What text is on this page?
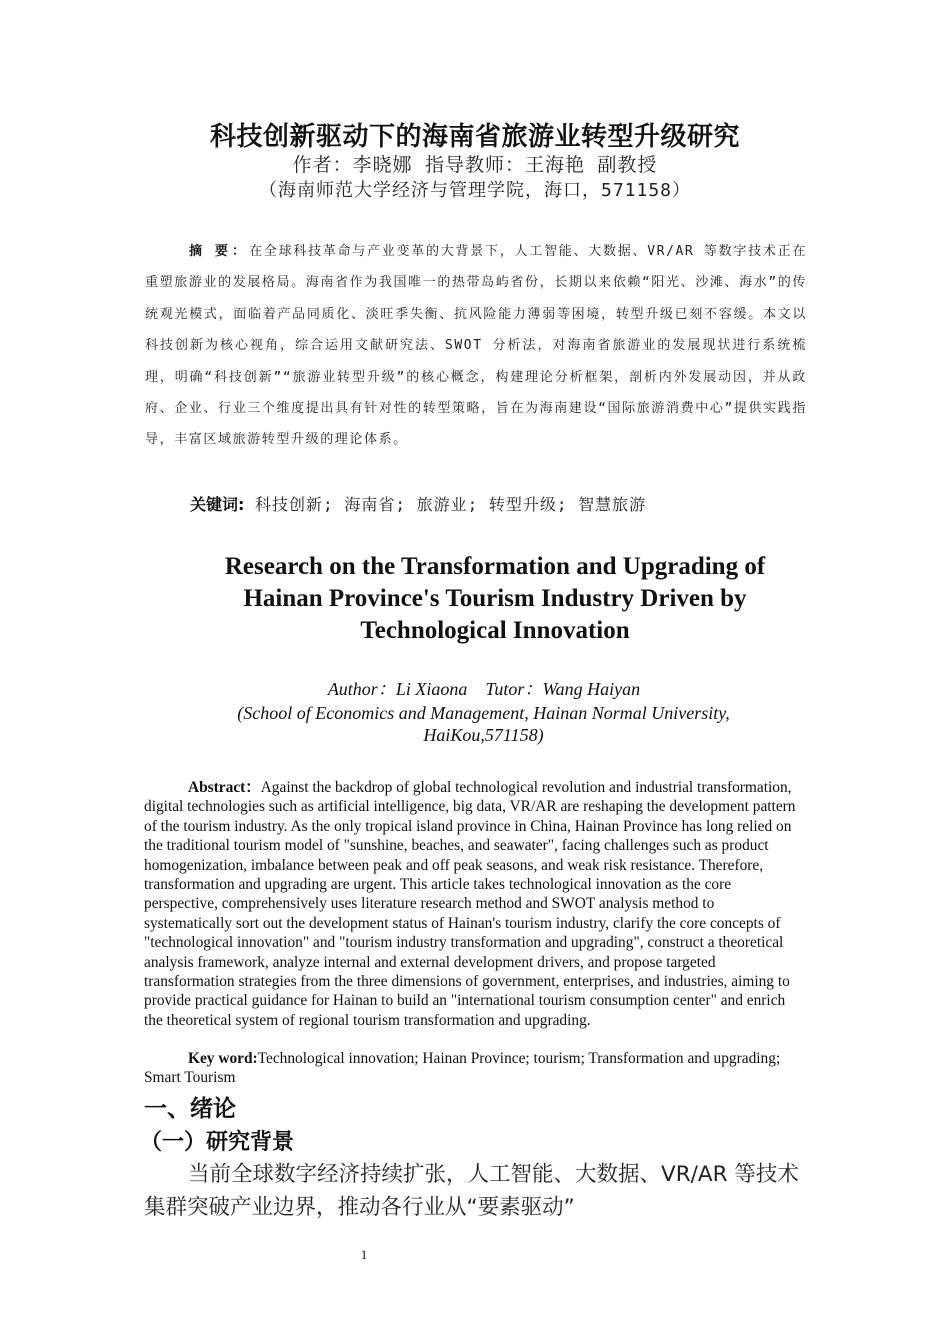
科技创新驱动下的海南省旅游业转型升级研究
作者：李晓娜 指导教师：王海艳 副教授
（海南师范大学经济与管理学院，海口，571158）
摘 要：在全球科技革命与产业变革的大背景下，人工智能、大数据、VR/AR 等数字技术正在重塑旅游业的发展格局。海南省作为我国唯一的热带岛屿省份，长期以来依赖“阳光、沙滩、海水”的传统观光模式，面临着产品同质化、淡旺季失衡、抗风险能力薄弱等困境，转型升级已刻不容缓。本文以科技创新为核心视角，综合运用文献研究法、SWOT 分析法，对海南省旅游业的发展现状进行系统梳理，明确“科技创新”“旅游业转型升级”的核心概念，构建理论分析框架，剖析内外发展动因，并从政府、企业、行业三个维度提出具有针对性的转型策略，旨在为海南建设“国际旅游消费中心”提供实践指导，丰富区域旅游转型升级的理论体系。
关键词: 科技创新; 海南省; 旅游业; 转型升级; 智慧旅游
Research on the Transformation and Upgrading of Hainan Province's Tourism Industry Driven by Technological Innovation
Author：Li Xiaona    Tutor：Wang Haiyan
(School of Economics and Management, Hainan Normal University, HaiKou,571158)
Abstract：Against the backdrop of global technological revolution and industrial transformation, digital technologies such as artificial intelligence, big data, VR/AR are reshaping the development pattern of the tourism industry. As the only tropical island province in China, Hainan Province has long relied on the traditional tourism model of "sunshine, beaches, and seawater", facing challenges such as product homogenization, imbalance between peak and off peak seasons, and weak risk resistance. Therefore, transformation and upgrading are urgent. This article takes technological innovation as the core perspective, comprehensively uses literature research method and SWOT analysis method to systematically sort out the development status of Hainan's tourism industry, clarify the core concepts of "technological innovation" and "tourism industry transformation and upgrading", construct a theoretical analysis framework, analyze internal and external development drivers, and propose targeted transformation strategies from the three dimensions of government, enterprises, and industries, aiming to provide practical guidance for Hainan to build an "international tourism consumption center" and enrich the theoretical system of regional tourism transformation and upgrading.
Key word:Technological innovation; Hainan Province; tourism; Transformation and upgrading; Smart Tourism
一、绪论
（一）研究背景
当前全球数字经济持续扩张，人工智能、大数据、VR/AR 等技术集群突破产业边界，推动各行业从“要素驱动”
1
